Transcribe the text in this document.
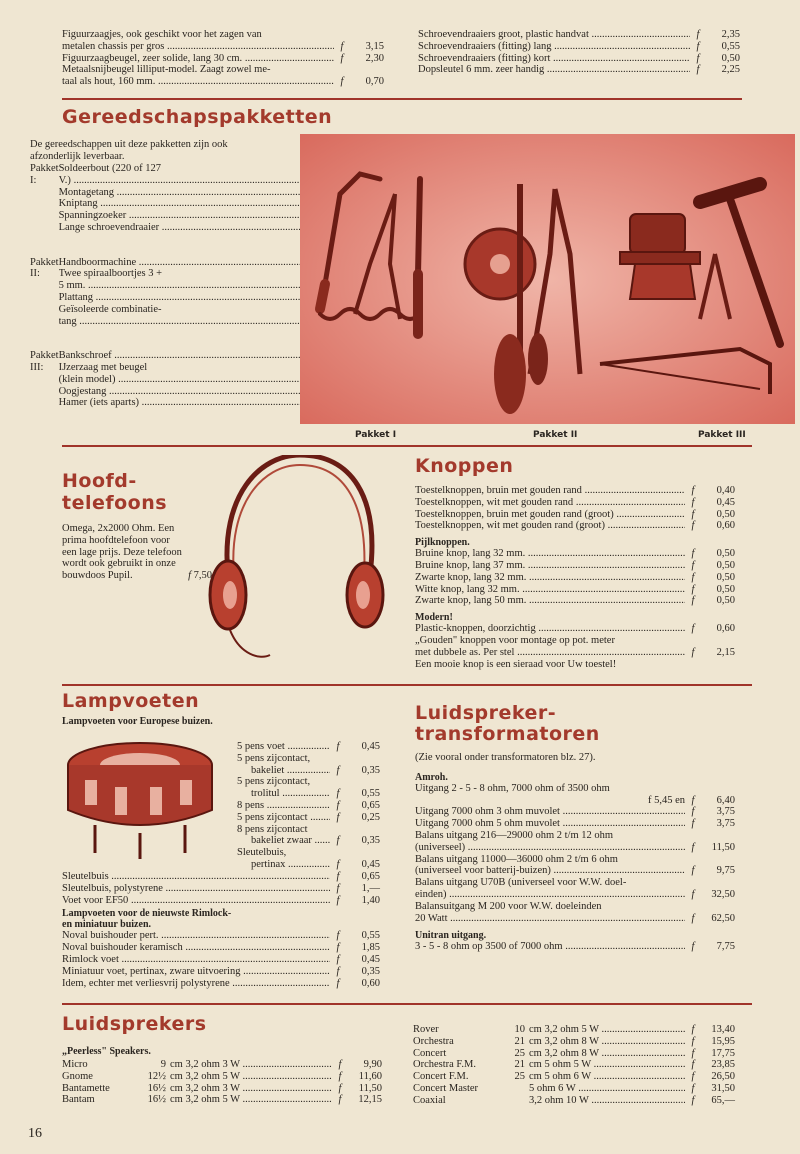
Figuurzaagjes, ook geschikt voor het zagen van
metalen chassis per gros .....	f	3,15
Figuurzaagbeugel, zeer solide, lang 30 cm. .....	f	2,30
Metaalsnijbeugel lilliput-model. Zaagt zowel me-
taal als hout, 160 mm. .....	f	0,70
Schroevendraaiers groot, plastic handvat .....	f	2,35
Schroevendraaiers (fitting) lang .....	f	0,55
Schroevendraaiers (fitting) kort .....	f	0,50
Dopsleutel 6 mm. zeer handig .....	f	2,25
Gereedschapspakketten
De gereedschappen uit deze pakketten zijn ook
afzonderlijk leverbaar.
Pakket I:
Soldeerbout (220 of 127
V.) .....
Montagetang .....
Kniptang .....
Spanningzoeker .....
Lange schroevendraaier .....
Pakket II:
Handboormachine .....
Twee spiraalboortjes 3 +
5 mm. .....
Plattang .....
Geïsoleerde combinatie-
tang .....
Pakket III:
Bankschroef .....
IJzerzaag met beugel
(klein model) .....
Oogjestang .....
Hamer (iets aparts) .....
Pakket I	Pakket II	Pakket III
Hoofd-
telefoons
Omega, 2x2000 Ohm. Een
prima hoofdtelefoon voor
een lage prijs. Deze telefoon
wordt ook gebruikt in onze
bouwdoos Pupil.	f 7,50
Knoppen
Toestelknoppen, bruin met gouden rand .....	f	0,40
Toestelknoppen, wit met gouden rand .....	f	0,45
Toestelknoppen, bruin met gouden rand (groot) .....	f	0,50
Toestelknoppen, wit met gouden rand (groot) .....	f	0,60
Pijlknoppen.
Bruine knop, lang 32 mm. .....	f	0,50
Bruine knop, lang 37 mm. .....	f	0,50
Zwarte knop, lang 32 mm. .....	f	0,50
Witte knop, lang 32 mm. .....	f	0,50
Zwarte knop, lang 50 mm. .....	f	0,50
Modern!
Plastic-knoppen, doorzichtig .....	f	0,60
„Gouden" knoppen voor montage op pot. meter
met dubbele as. Per stel .....	f	2,15
Een mooie knop is een sieraad voor Uw toestel!
Lampvoeten
Lampvoeten voor Europese buizen.
5 pens voet .....	f	0,45
5 pens zijcontact,
bakeliet .....	f	0,35
5 pens zijcontact,
trolitul .....	f	0,55
8 pens .....	f	0,65
5 pens zijcontact .....	f	0,25
8 pens zijcontact
bakeliet zwaar .....	f	0,35
Sleutelbuis,
pertinax .....	f	0,45
Sleutelbuis .....	f	0,65
Sleutelbuis, polystyrene .....	f	1,—
Voet voor EF50 .....	f	1,40
Lampvoeten voor de nieuwste Rimlock-
en miniatuur buizen.
Noval buishouder pert. .....	f	0,55
Noval buishouder keramisch .....	f	1,85
Rimlock voet .....	f	0,45
Miniatuur voet, pertinax, zware uitvoering .....	f	0,35
Idem, echter met verliesvrij polystyrene .....	f	0,60
Luidspreker-
transformatoren
(Zie vooral onder transformatoren blz. 27).
Amroh.
Uitgang 2 - 5 - 8 ohm, 7000 ohm of 3500 ohm
f 5,45 en f	6,40
Uitgang 7000 ohm 3 ohm muvolet .....	f	3,75
Uitgang 7000 ohm 5 ohm muvolet .....	f	3,75
Balans uitgang 216—29000 ohm 2 t/m 12 ohm
(universeel) .....	f	11,50
Balans uitgang 11000—36000 ohm 2 t/m 6 ohm
(universeel voor batterij-buizen) .....	f	9,75
Balans uitgang U70B (universeel voor W.W. doel-
einden) .....	f	32,50
Balansuitgang M 200 voor W.W. doeleinden
20 Watt .....	f	62,50
Unitran uitgang.
3 - 5 - 8 ohm op 3500 of 7000 ohm .....	f	7,75
Luidsprekers
„Peerless" Speakers.
Micro	9 cm 3,2 ohm 3 W .....	f	9,90
Gnome	12½ cm 3,2 ohm 5 W .....	f	11,60
Bantamette	16½ cm 3,2 ohm 3 W .....	f	11,50
Bantam	16½ cm 3,2 ohm 5 W .....	f	12,15
Rover	10 cm 3,2 ohm 5 W .....	f	13,40
Orchestra	21 cm 3,2 ohm 8 W .....	f	15,95
Concert	25 cm 3,2 ohm 8 W .....	f	17,75
Orchestra F.M.	21 cm 5 ohm 5 W .....	f	23,85
Concert F.M.	25 cm 5 ohm 6 W .....	f	26,50
Concert Master	5 ohm 6 W .....	f	31,50
Coaxial	3,2 ohm 10 W .....	f	65,—
16
